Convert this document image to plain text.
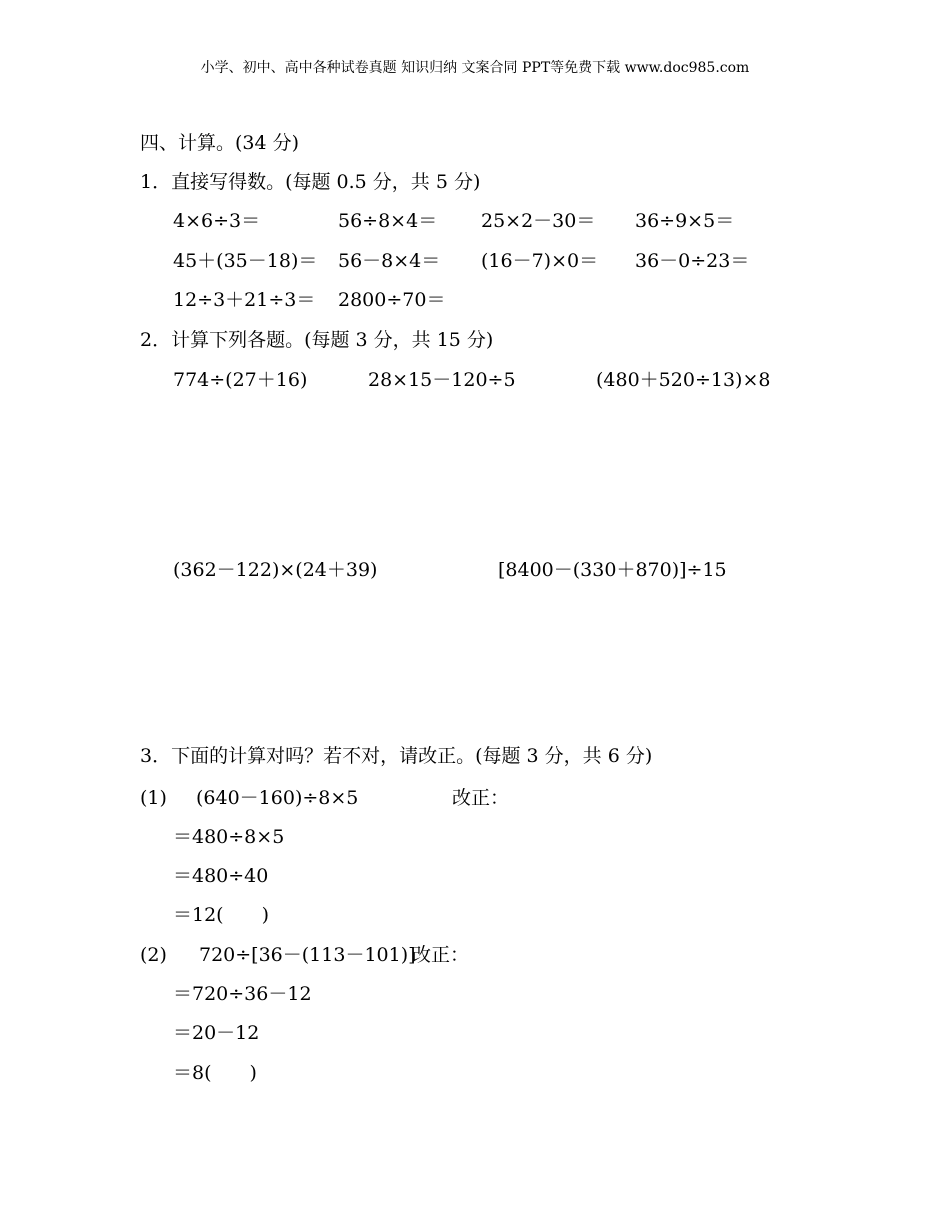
小学、初中、高中各种试卷真题 知识归纳 文案合同 PPT等免费下载 www.doc985.com
四、计算。(34 分)
1．直接写得数。(每题 0.5 分，共 5 分)
4×6÷3＝	56÷8×4＝ 25×2－30＝ 36÷9×5＝
45＋(35－18)＝ 56－8×4＝ (16－7)×0＝ 36－0÷23＝
12÷3＋21÷3＝ 2800÷70＝
2．计算下列各题。(每题 3 分，共 15 分)
774÷(27＋16)	28×15－120÷5	(480＋520÷13)×8
(362－122)×(24＋39)	[8400－(330＋870)]÷15
3．下面的计算对吗？若不对，请改正。(每题 3 分，共 6 分)
(1) (640－160)÷8×5	改正：
＝480÷8×5
＝480÷40
＝12(　　)
(2) 720÷[36－(113－101)]
改正：
＝720÷36－12
＝20－12
＝8(　　)
